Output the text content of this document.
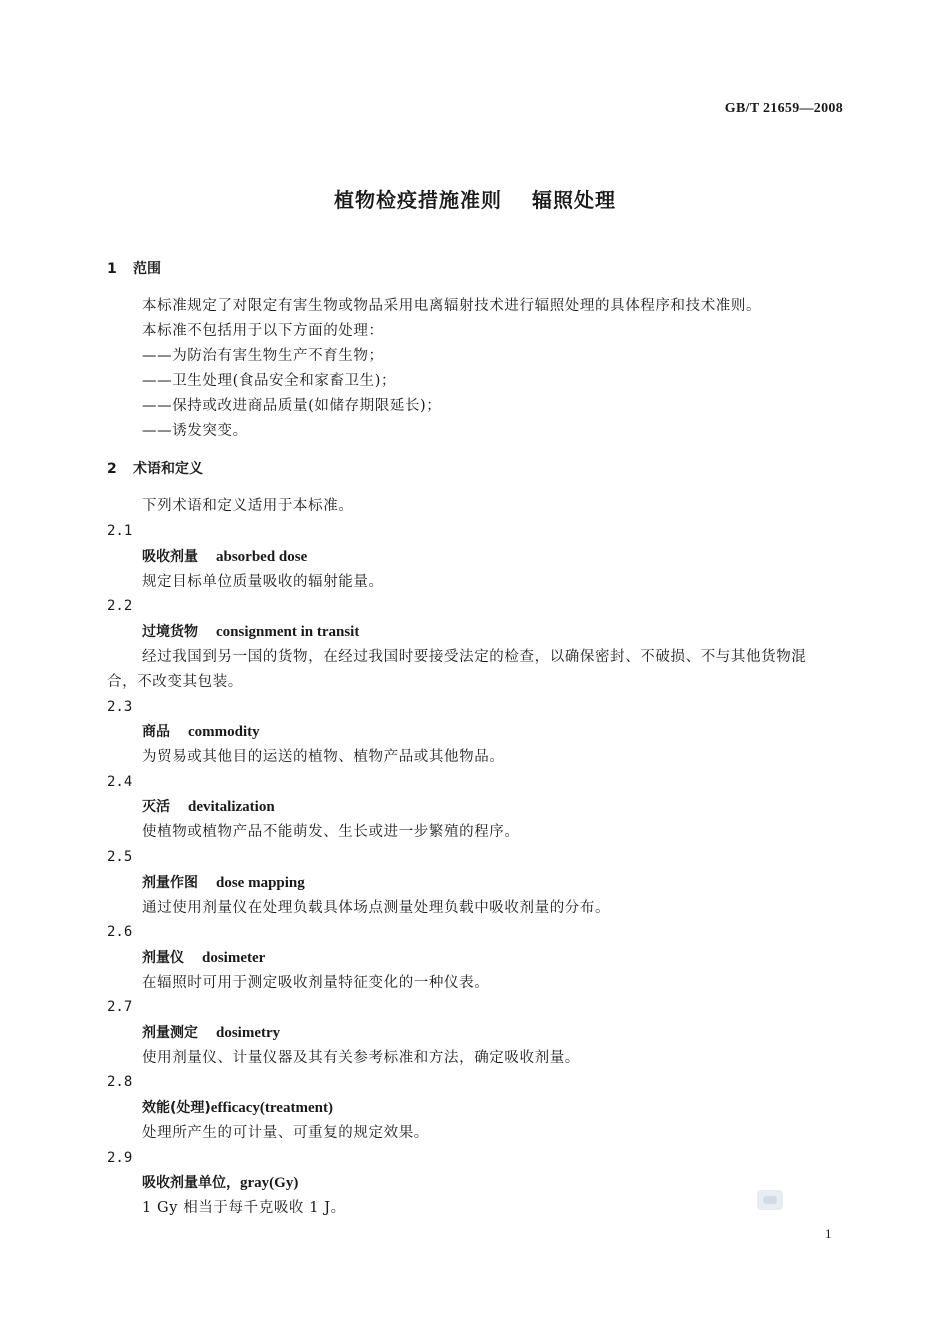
GB/T 21659—2008
植物检疫措施准则 辐照处理
1 范围
本标准规定了对限定有害生物或物品采用电离辐射技术进行辐照处理的具体程序和技术准则。
本标准不包括用于以下方面的处理：
——为防治有害生物生产不育生物；
——卫生处理(食品安全和家畜卫生)；
——保持或改进商品质量(如储存期限延长)；
——诱发突变。
2 术语和定义
下列术语和定义适用于本标准。
2.1
吸收剂量 absorbed dose
规定目标单位质量吸收的辐射能量。
2.2
过境货物 consignment in transit
经过我国到另一国的货物，在经过我国时要接受法定的检查，以确保密封、不破损、不与其他货物混
合，不改变其包装。
2.3
商品 commodity
为贸易或其他目的运送的植物、植物产品或其他物品。
2.4
灭活 devitalization
使植物或植物产品不能萌发、生长或进一步繁殖的程序。
2.5
剂量作图 dose mapping
通过使用剂量仪在处理负载具体场点测量处理负载中吸收剂量的分布。
2.6
剂量仪 dosimeter
在辐照时可用于测定吸收剂量特征变化的一种仪表。
2.7
剂量测定 dosimetry
使用剂量仪、计量仪器及其有关参考标准和方法，确定吸收剂量。
2.8
效能(处理)efficacy(treatment)
处理所产生的可计量、可重复的规定效果。
2.9
吸收剂量单位，gray(Gy)
1 Gy 相当于每千克吸收 1 J。
1
